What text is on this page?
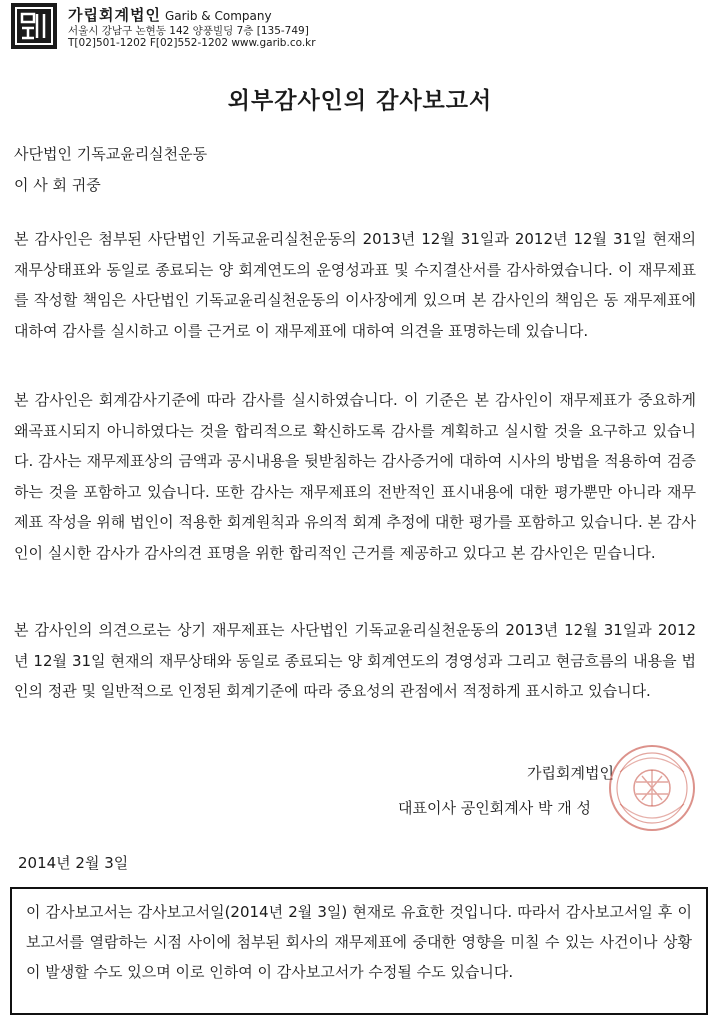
가립회계법인 Garib & Company
서울시 강남구 논현동 142 양풍빌딩 7층 [135-749]
T[02]501-1202 F[02]552-1202 www.garib.co.kr
외부감사인의 감사보고서
사단법인 기독교윤리실천운동
이 사 회 귀중

본 감사인은 첨부된 사단법인 기독교윤리실천운동의 2013년 12월 31일과 2012년 12월 31일 현재의 재무상태표와 동일로 종료되는 양 회계연도의 운영성과표 및 수지결산서를 감사하였습니다. 이 재무제표를 작성할 책임은 사단법인 기독교윤리실천운동의 이사장에게 있으며 본 감사인의 책임은 동 재무제표에 대하여 감사를 실시하고 이를 근거로 이 재무제표에 대하여 의견을 표명하는데 있습니다.

본 감사인은 회계감사기준에 따라 감사를 실시하였습니다. 이 기준은 본 감사인이 재무제표가 중요하게 왜곡표시되지 아니하였다는 것을 합리적으로 확신하도록 감사를 계획하고 실시할 것을 요구하고 있습니다. 감사는 재무제표상의 금액과 공시내용을 뒷받침하는 감사증거에 대하여 시사의 방법을 적용하여 검증하는 것을 포함하고 있습니다. 또한 감사는 재무제표의 전반적인 표시내용에 대한 평가뿐만 아니라 재무제표 작성을 위해 법인이 적용한 회계원칙과 유의적 회계 추정에 대한 평가를 포함하고 있습니다. 본 감사인이 실시한 감사가 감사의견 표명을 위한 합리적인 근거를 제공하고 있다고 본 감사인은 믿습니다.

본 감사인의 의견으로는 상기 재무제표는 사단법인 기독교윤리실천운동의 2013년 12월 31일과 2012년 12월 31일 현재의 재무상태와 동일로 종료되는 양 회계연도의 경영성과 그리고 현금흐름의 내용을 법인의 정관 및 일반적으로 인정된 회계기준에 따라 중요성의 관점에서 적정하게 표시하고 있습니다.

가립회계법인
대표이사 공인회계사 박 개 성
2014년 2월 3일

이 감사보고서는 감사보고서일(2014년 2월 3일) 현재로 유효한 것입니다. 따라서 감사보고서일 후 이 보고서를 열람하는 시점 사이에 첨부된 회사의 재무제표에 중대한 영향을 미칠 수 있는 사건이나 상황이 발생할 수도 있으며 이로 인하여 이 감사보고서가 수정될 수도 있습니다.
